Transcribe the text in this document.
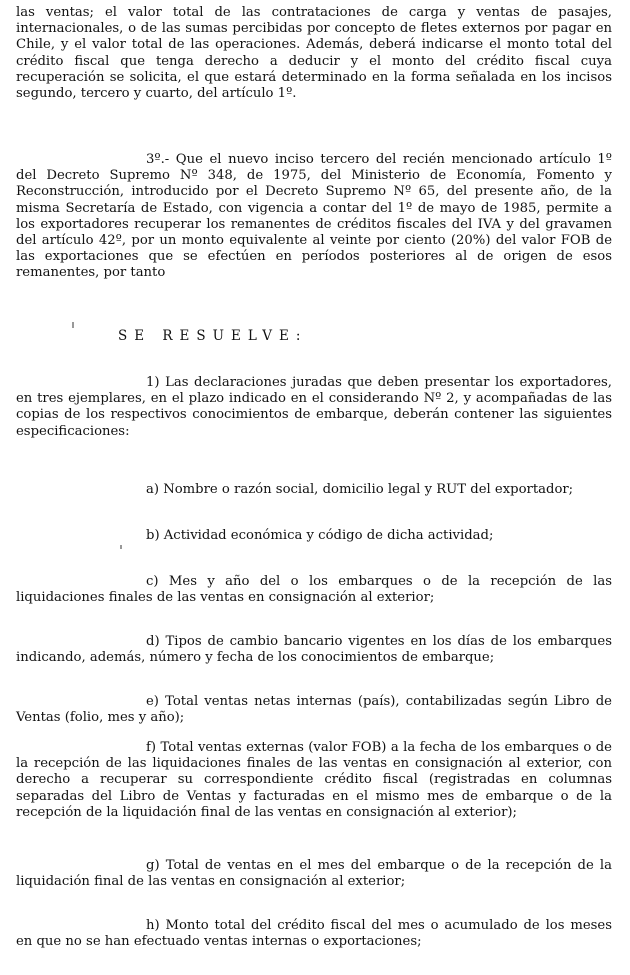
las ventas; el valor total de las contrataciones de carga y ventas de pasajes, internacionales, o de las sumas percibidas por concepto de fletes externos por pagar en Chile, y el valor total de las operaciones. Además, deberá indicarse el monto total del crédito fiscal que tenga derecho a deducir y el monto del crédito fiscal cuya recuperación se solicita, el que estará determinado en la forma señalada en los incisos segundo, tercero y cuarto, del artículo 1º.

3º.- Que el nuevo inciso tercero del recién mencionado artículo 1º del Decreto Supremo Nº 348, de 1975, del Ministerio de Economía, Fomento y Reconstrucción, introducido por el Decreto Supremo Nº 65, del presente año, de la misma Secretaría de Estado, con vigencia a contar del 1º de mayo de 1985, permite a los exportadores recuperar los remanentes de créditos fiscales del IVA y del gravamen del artículo 42º, por un monto equivalente al veinte por ciento (20%) del valor FOB de las exportaciones que se efectúen en períodos posteriores al de origen de esos remanentes, por tanto

SE RESUELVE:

1) Las declaraciones juradas que deben presentar los exportadores, en tres ejemplares, en el plazo indicado en el considerando Nº 2, y acompañadas de las copias de los respectivos conocimientos de embarque, deberán contener las siguientes especificaciones:

a) Nombre o razón social, domicilio legal y RUT del exportador;

b) Actividad económica y código de dicha actividad;

c) Mes y año del o los embarques o de la recepción de las liquidaciones finales de las ventas en consignación al exterior;

d) Tipos de cambio bancario vigentes en los días de los embarques indicando, además, número y fecha de los conocimientos de embarque;

e) Total ventas netas internas (país), contabilizadas según Libro de Ventas (folio, mes y año);

f) Total ventas externas (valor FOB) a la fecha de los embarques o de la recepción de las liquidaciones finales de las ventas en consignación al exterior, con derecho a recuperar su correspondiente crédito fiscal (registradas en columnas separadas del Libro de Ventas y facturadas en el mismo mes de embarque o de la recepción de la liquidación final de las ventas en consignación al exterior);

g) Total de ventas en el mes del embarque o de la recepción de la liquidación final de las ventas en consignación al exterior;

h) Monto total del crédito fiscal del mes o acumulado de los meses en que no se han efectuado ventas internas o exportaciones;
